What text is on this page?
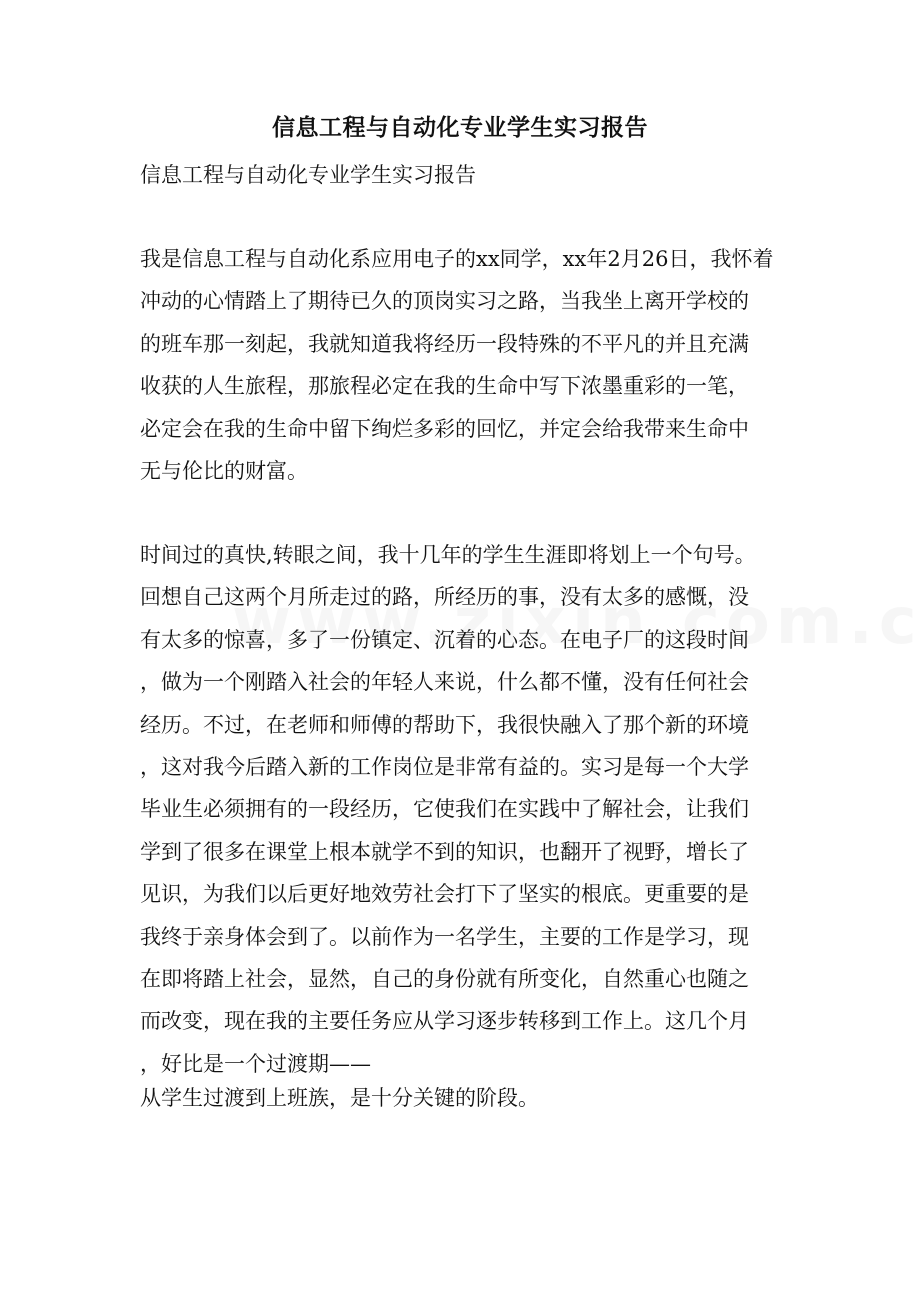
信息工程与自动化专业学生实习报告
信息工程与自动化专业学生实习报告
我是信息工程与自动化系应用电子的xx同学，xx年2月26日，我怀着
冲动的心情踏上了期待已久的顶岗实习之路，当我坐上离开学校的
的班车那一刻起，我就知道我将经历一段特殊的不平凡的并且充满
收获的人生旅程，那旅程必定在我的生命中写下浓墨重彩的一笔，
必定会在我的生命中留下绚烂多彩的回忆，并定会给我带来生命中
无与伦比的财富。
时间过的真快,转眼之间，我十几年的学生生涯即将划上一个句号。
回想自己这两个月所走过的路，所经历的事，没有太多的感慨，没
有太多的惊喜，多了一份镇定、沉着的心态。在电子厂的这段时间
，做为一个刚踏入社会的年轻人来说，什么都不懂，没有任何社会
经历。不过，在老师和师傅的帮助下，我很快融入了那个新的环境
，这对我今后踏入新的工作岗位是非常有益的。实习是每一个大学
毕业生必须拥有的一段经历，它使我们在实践中了解社会，让我们
学到了很多在课堂上根本就学不到的知识，也翻开了视野，增长了
见识，为我们以后更好地效劳社会打下了坚实的根底。更重要的是
我终于亲身体会到了。以前作为一名学生，主要的工作是学习，现
在即将踏上社会，显然，自己的身份就有所变化，自然重心也随之
而改变，现在我的主要任务应从学习逐步转移到工作上。这几个月
，好比是一个过渡期——
从学生过渡到上班族，是十分关键的阶段。
